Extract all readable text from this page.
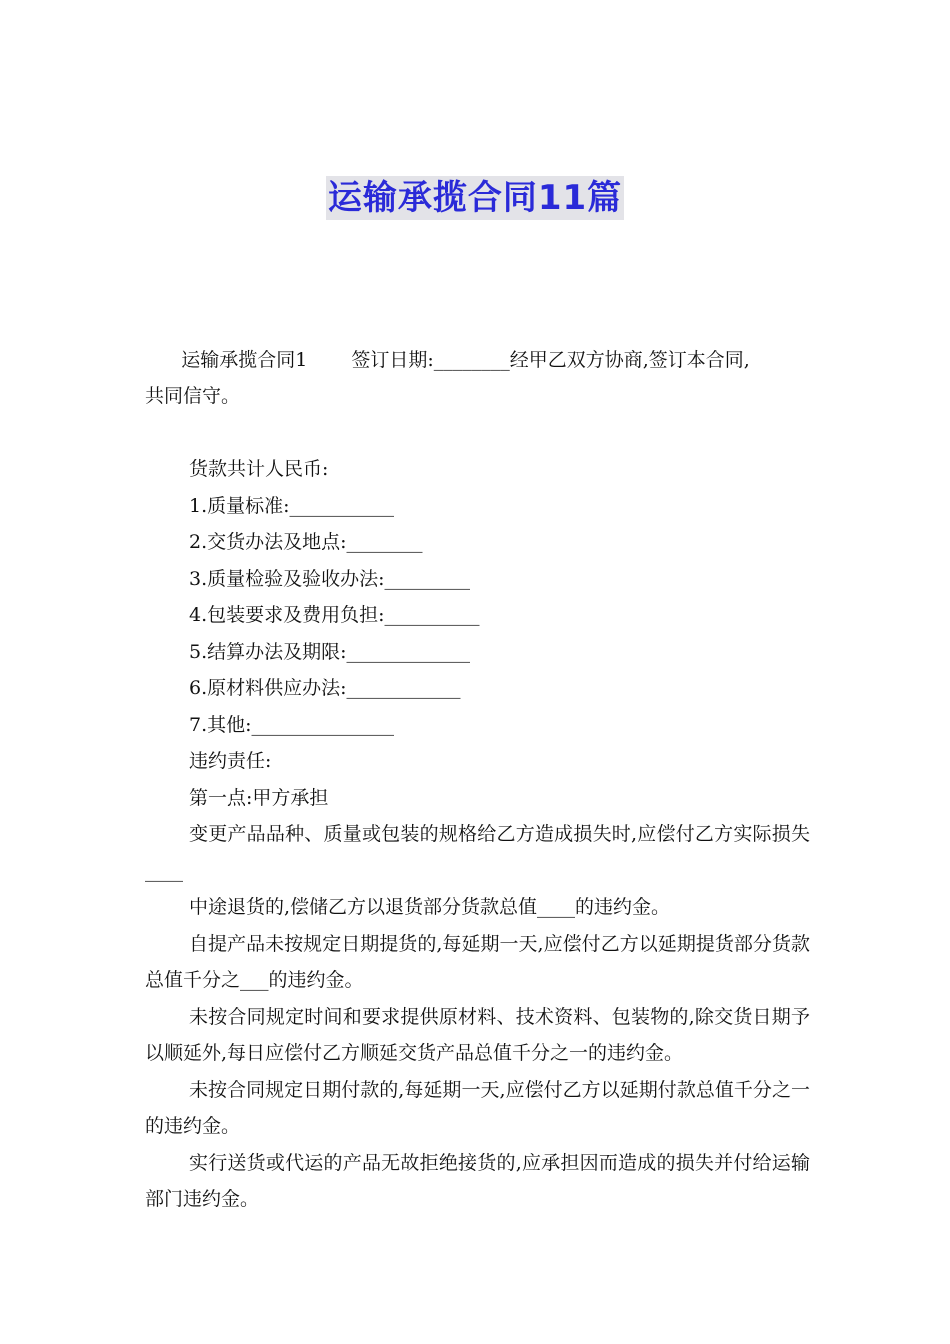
运输承揽合同11篇

运输承揽合同1 签订日期:________经甲乙双方协商,签订本合同,
共同信守。

货款共计人民币:

1.质量标准:___________

2.交货办法及地点:________

3.质量检验及验收办法:_________

4.包装要求及费用负担:__________

5.结算办法及期限:_____________

6.原材料供应办法:____________

7.其他:_______________

违约责任:

第一点:甲方承担

变更产品品种、质量或包装的规格给乙方造成损失时,应偿付乙方实际损失____

中途退货的,偿储乙方以退货部分货款总值____的违约金。

自提产品未按规定日期提货的,每延期一天,应偿付乙方以延期提货部分货款总值千分之___的违约金。

未按合同规定时间和要求提供原材料、技术资料、包装物的,除交货日期予以顺延外,每日应偿付乙方顺延交货产品总值千分之一的违约金。

未按合同规定日期付款的,每延期一天,应偿付乙方以延期付款总值千分之一的违约金。

实行送货或代运的产品无故拒绝接货的,应承担因而造成的损失并付给运输部门违约金。
